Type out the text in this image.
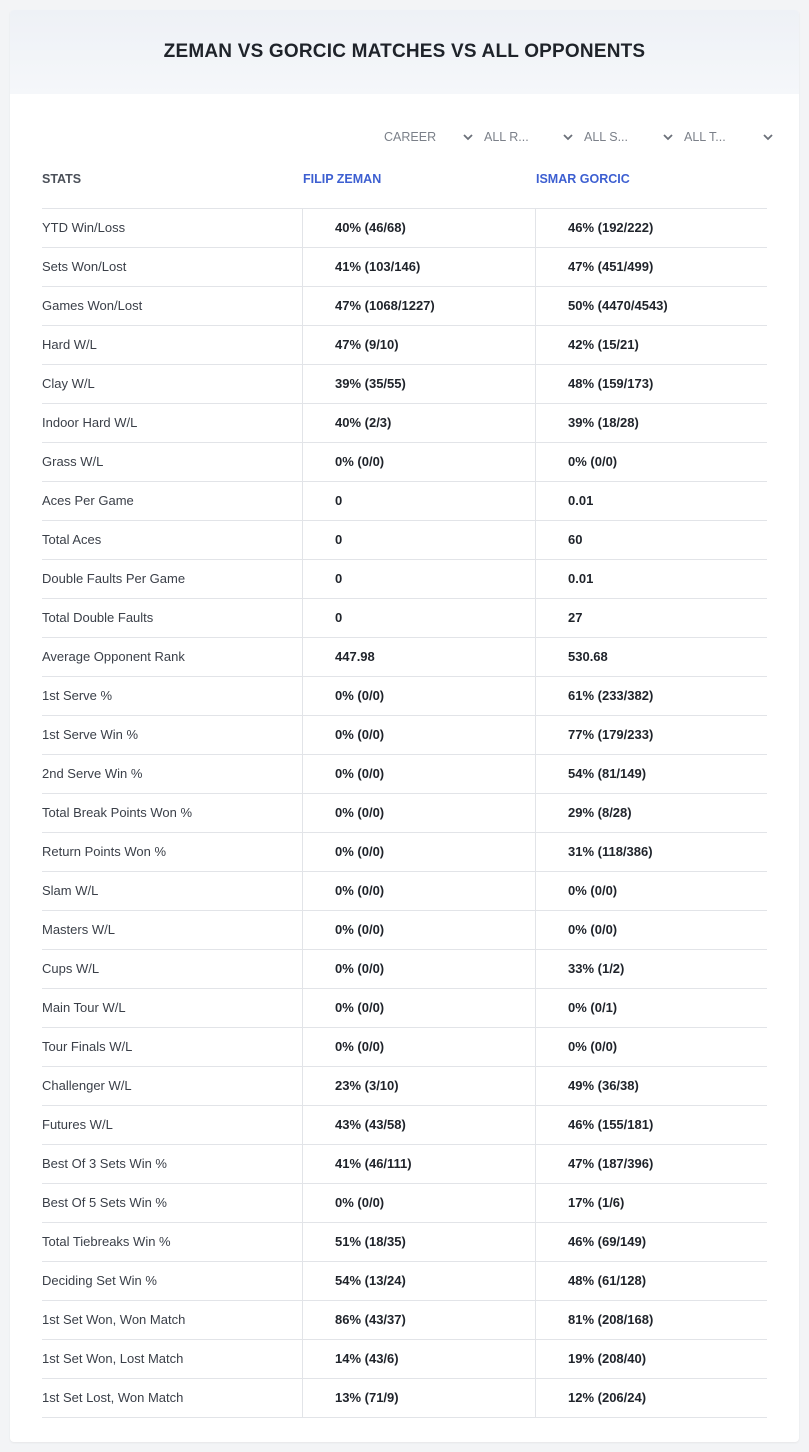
ZEMAN VS GORCIC MATCHES VS ALL OPPONENTS
CAREER	ALL R...	ALL S...	ALL T...
STATS	FILIP ZEMAN	ISMAR GORCIC
YTD Win/Loss	40% (46/68)	46% (192/222)
Sets Won/Lost	41% (103/146)	47% (451/499)
Games Won/Lost	47% (1068/1227)	50% (4470/4543)
Hard W/L	47% (9/10)	42% (15/21)
Clay W/L	39% (35/55)	48% (159/173)
Indoor Hard W/L	40% (2/3)	39% (18/28)
Grass W/L	0% (0/0)	0% (0/0)
Aces Per Game	0	0.01
Total Aces	0	60
Double Faults Per Game	0	0.01
Total Double Faults	0	27
Average Opponent Rank	447.98	530.68
1st Serve %	0% (0/0)	61% (233/382)
1st Serve Win %	0% (0/0)	77% (179/233)
2nd Serve Win %	0% (0/0)	54% (81/149)
Total Break Points Won %	0% (0/0)	29% (8/28)
Return Points Won %	0% (0/0)	31% (118/386)
Slam W/L	0% (0/0)	0% (0/0)
Masters W/L	0% (0/0)	0% (0/0)
Cups W/L	0% (0/0)	33% (1/2)
Main Tour W/L	0% (0/0)	0% (0/1)
Tour Finals W/L	0% (0/0)	0% (0/0)
Challenger W/L	23% (3/10)	49% (36/38)
Futures W/L	43% (43/58)	46% (155/181)
Best Of 3 Sets Win %	41% (46/111)	47% (187/396)
Best Of 5 Sets Win %	0% (0/0)	17% (1/6)
Total Tiebreaks Win %	51% (18/35)	46% (69/149)
Deciding Set Win %	54% (13/24)	48% (61/128)
1st Set Won, Won Match	86% (43/37)	81% (208/168)
1st Set Won, Lost Match	14% (43/6)	19% (208/40)
1st Set Lost, Won Match	13% (71/9)	12% (206/24)
